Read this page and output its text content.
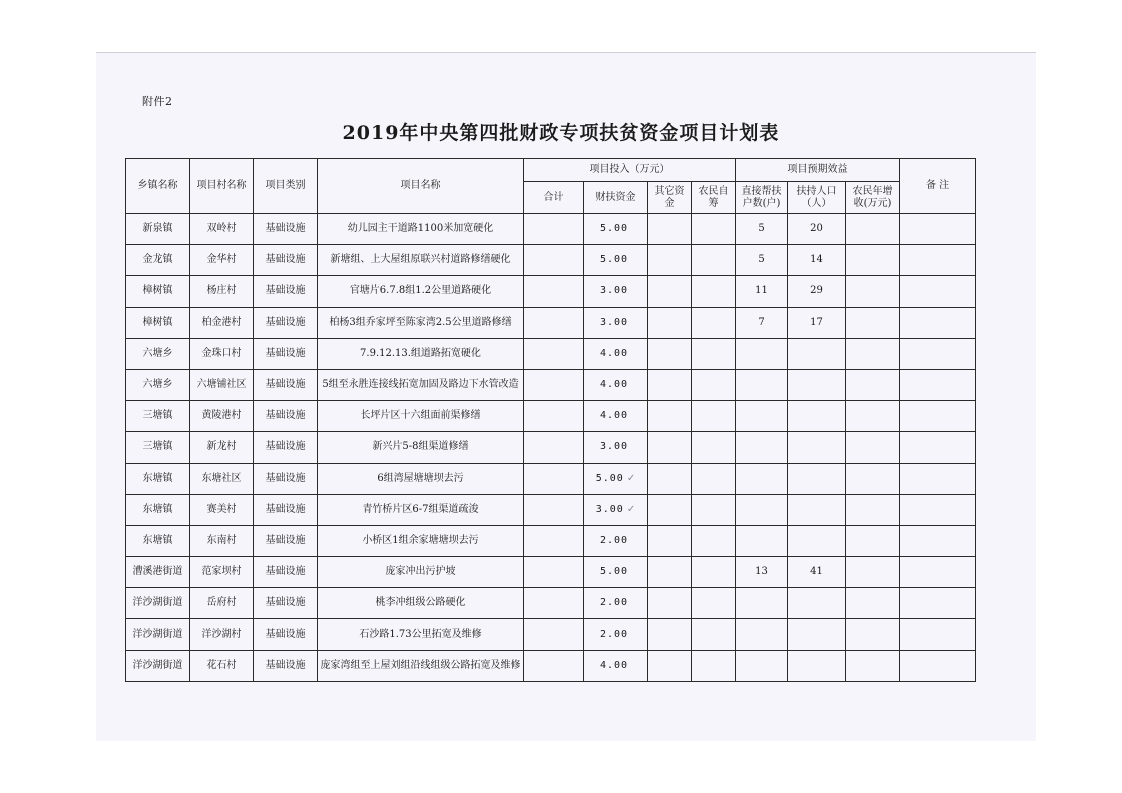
附件2
2019年中央第四批财政专项扶贫资金项目计划表
乡镇名称	项目村名称	项目类别	项目名称	项目投入（万元）				项目预期效益			备 注
				合计	财扶资金	其它资金	农民自筹	直接帮扶户数(户)	扶持人口（人）	农民年增收(万元)	
新泉镇	双岭村	基础设施	幼儿园主干道路1100米加宽硬化		5.00			5	20		
金龙镇	金华村	基础设施	新塘组、上大屋组原联兴村道路修缮硬化		5.00			5	14		
樟树镇	杨庄村	基础设施	官塘片6.7.8组1.2公里道路硬化		3.00			11	29		
樟树镇	柏金港村	基础设施	柏杨3组乔家坪至陈家湾2.5公里道路修缮		3.00			7	17		
六塘乡	金珠口村	基础设施	7.9.12.13.组道路拓宽硬化		4.00						
六塘乡	六塘铺社区	基础设施	5组至永胜连接线拓宽加固及路边下水管改造		4.00						
三塘镇	黄陵港村	基础设施	长坪片区十六组面前渠修缮		4.00						
三塘镇	新龙村	基础设施	新兴片5-8组渠道修缮		3.00						
东塘镇	东塘社区	基础设施	6组湾屋塘塘坝去污		5.00 ✓						
东塘镇	赛美村	基础设施	青竹桥片区6-7组渠道疏浚		3.00 ✓						
东塘镇	东南村	基础设施	小桥区1组余家塘塘坝去污		2.00						
漕溪港街道	范家坝村	基础设施	庞家冲出污护坡		5.00			13	41		
洋沙湖街道	岳府村	基础设施	桃李冲组级公路硬化		2.00						
洋沙湖街道	洋沙湖村	基础设施	石沙路1.73公里拓宽及维修		2.00						
洋沙湖街道	花石村	基础设施	庞家湾组至上屋刘组沿线组级公路拓宽及维修		4.00						
